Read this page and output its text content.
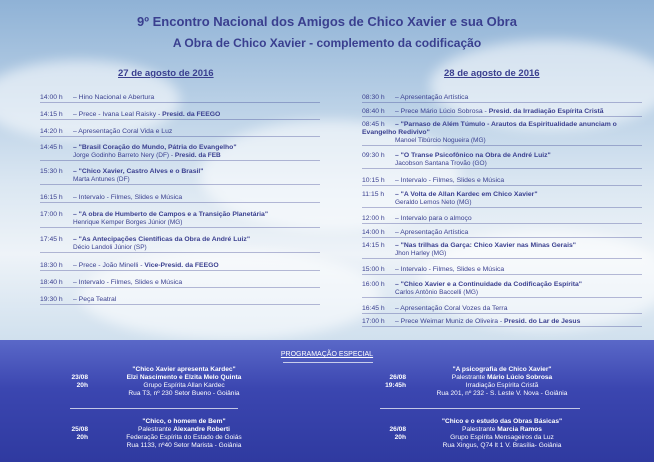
9º Encontro Nacional dos Amigos de Chico Xavier e sua Obra
A Obra de Chico Xavier - complemento da codificação
27 de agosto de 2016	28 de agosto de 2016
14:00 h – Hino Nacional e Abertura
14:15 h – Prece - Ivana Leal Raisky - Presid. da FEEGO
14:20 h – Apresentação Coral Vida e Luz
14:45 h – "Brasil Coração do Mundo, Pátria do Evangelho"
Jorge Godinho Barreto Nery (DF) - Presid. da FEB
15:30 h – "Chico Xavier, Castro Alves e o Brasil"
Marta Antunes (DF)
16:15 h – Intervalo - Filmes, Slides e Música
17:00 h – "A obra de Humberto de Campos e a Transição Planetária"
Henrique Kemper Borges Júnior (MG)
17:45 h – "As Antecipações Científicas da Obra de André Luiz"
Décio Landoli Júnior (SP)
18:30 h – Prece - João Minelli - Vice-Presid. da FEEGO
18:40 h – Intervalo - Filmes, Slides e Música
19:30 h – Peça Teatral
08:30 h – Apresentação Artística
08:40 h – Prece Mário Lúcio Sobrosa - Presid. da Irradiação Espírita Cristã
08:45 h – "Parnaso de Além Túmulo - Arautos da Espiritualidade anunciam o Evangelho Redivivo"
Manoel Tibúrcio Nogueira (MG)
09:30 h – "O Transe Psicofônico na Obra de André Luiz"
Jacobson Santana Trovão (GO)
10:15 h – Intervalo - Filmes, Slides e Música
11:15 h – "A Volta de Allan Kardec em Chico Xavier"
Geraldo Lemos Neto (MG)
12:00 h – Intervalo para o almoço
14:00 h – Apresentação Artística
14:15 h – "Nas trilhas da Garça: Chico Xavier nas Minas Gerais"
Jhon Harley (MG)
15:00 h – Intervalo - Filmes, Slides e Música
16:00 h – "Chico Xavier e a Continuidade da Codificação Espírita"
Carlos Antônio Baccelli (MG)
16:45 h – Apresentação Coral Vozes da Terra
17:00 h – Prece Weimar Muniz de Oliveira - Presid. do Lar de Jesus
PROGRAMAÇÃO ESPECIAL
23/08
20h
"Chico Xavier apresenta Kardec"
Elzi Nascimento e Elzita Melo Quinta
Grupo Espírita Allan Kardec
Rua T3, nº 230 Setor Bueno - Goiânia
26/08
19:45h
"A psicografia de Chico Xavier"
Palestrante Mário Lúcio Sobrosa
Irradiação Espírita Cristã
Rua 201, nº 232 - S. Leste V. Nova - Goiânia
25/08
20h
"Chico, o homem de Bem"
Palestrante Alexandre Roberti
Federação Espírita do Estado de Goiás
Rua 1133, nº40 Setor Marista - Goiânia
26/08
20h
"Chico e o estudo das Obras Básicas"
Palestrante Marcia Ramos
Grupo Espírita Mensageiros da Luz
Rua Xingus, Q74 lt 1 V. Brasília- Goiânia
